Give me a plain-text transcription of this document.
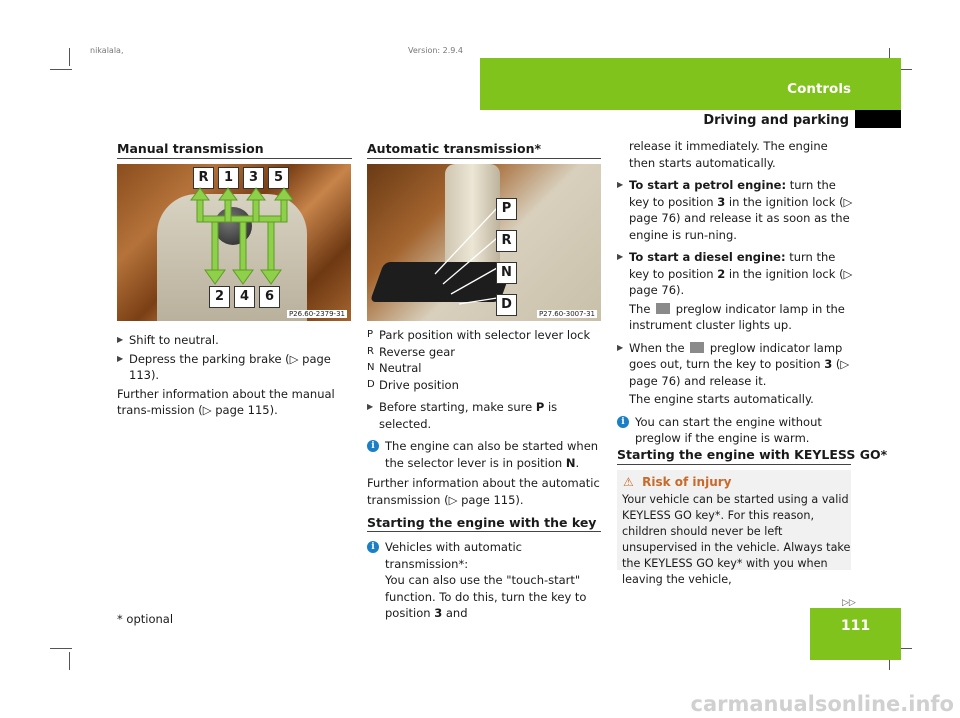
nikalala,	Version: 2.9.4
Controls
Driving and parking
Manual transmission
R	1	3	5
2	4	6
P26.60-2379-31
▶ Shift to neutral.
▶ Depress the parking brake (▷ page 113).
Further information about the manual trans-mission (▷ page 115).
Automatic transmission*
P
R
N
D
P27.60-3007-31
P Park position with selector lever lock
R Reverse gear
N Neutral
D Drive position
▶ Before starting, make sure P is selected.
i The engine can also be started when the selector lever is in position N.
Further information about the automatic transmission (▷ page 115).
Starting the engine with the key
i Vehicles with automatic transmission*:
You can also use the "touch-start" function. To do this, turn the key to position 3 and
release it immediately. The engine then starts automatically.
▶ To start a petrol engine: turn the key to position 3 in the ignition lock (▷ page 76) and release it as soon as the engine is run-ning.
▶ To start a diesel engine: turn the key to position 2 in the ignition lock (▷ page 76).
The  preglow indicator lamp in the instrument cluster lights up.
▶ When the  preglow indicator lamp goes out, turn the key to position 3 (▷ page 76) and release it.
The engine starts automatically.
i You can start the engine without preglow if the engine is warm.
Starting the engine with KEYLESS GO*
⚠ Risk of injury
Your vehicle can be started using a valid KEYLESS GO key*. For this reason, children should never be left unsupervised in the vehicle. Always take the KEYLESS GO key* with you when leaving the vehicle,
▷▷
111
* optional
carmanualsonline.info
